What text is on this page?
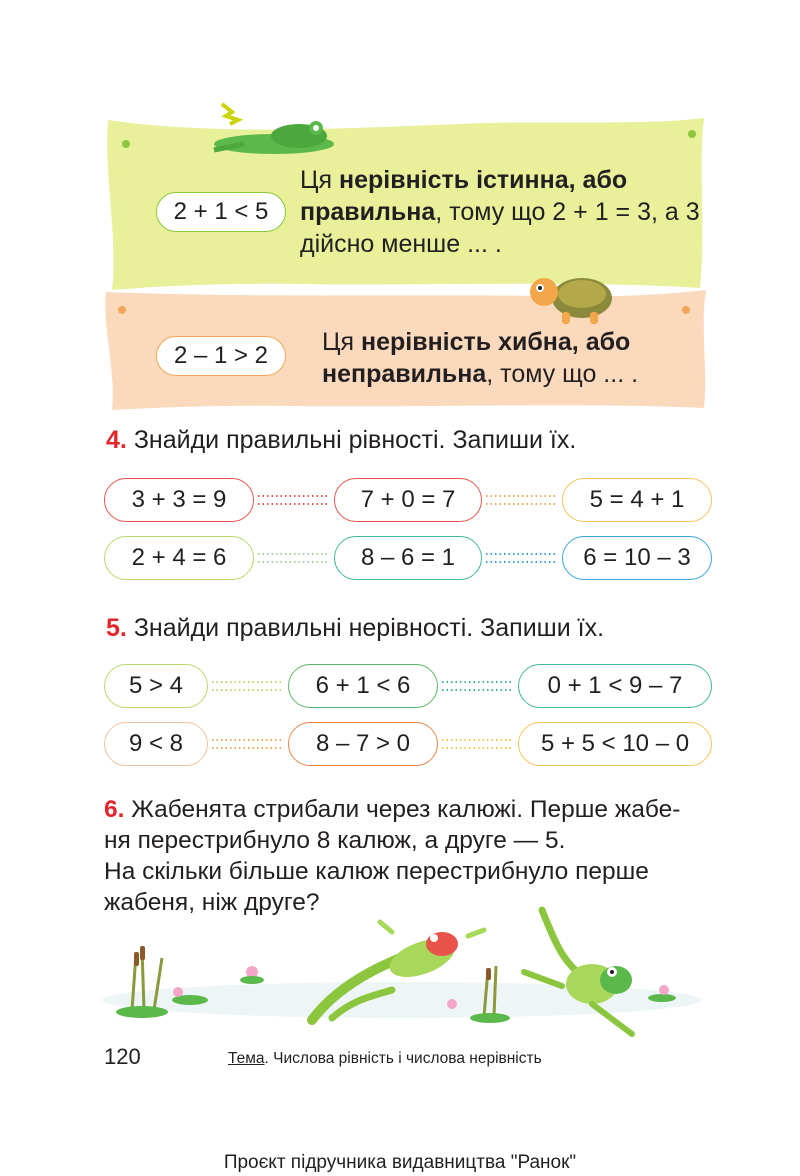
2 + 1 < 5
Ця нерівність істинна, або правильна, тому що 2 + 1 = 3, а 3 дійсно менше ... .
2 – 1 > 2	Ця нерівність хибна, або неправильна, тому що ... .
4. Знайди правильні рівності. Запиши їх.
3 + 3 = 9	7 + 0 = 7	5 = 4 + 1
2 + 4 = 6	8 – 6 = 1	6 = 10 – 3
5. Знайди правильні нерівності. Запиши їх.
5 > 4	6 + 1 < 6	0 + 1 < 9 – 7
9 < 8	8 – 7 > 0	5 + 5 < 10 – 0
6. Жабенята стрибали через калюжі. Перше жабе-
ня перестрибнуло 8 калюж, а друге — 5.
На скільки більше калюж перестрибнуло перше
жабеня, ніж друге?
120	Тема. Числова рівність і числова нерівність
Проєкт підручника видавництва "Ранок"
